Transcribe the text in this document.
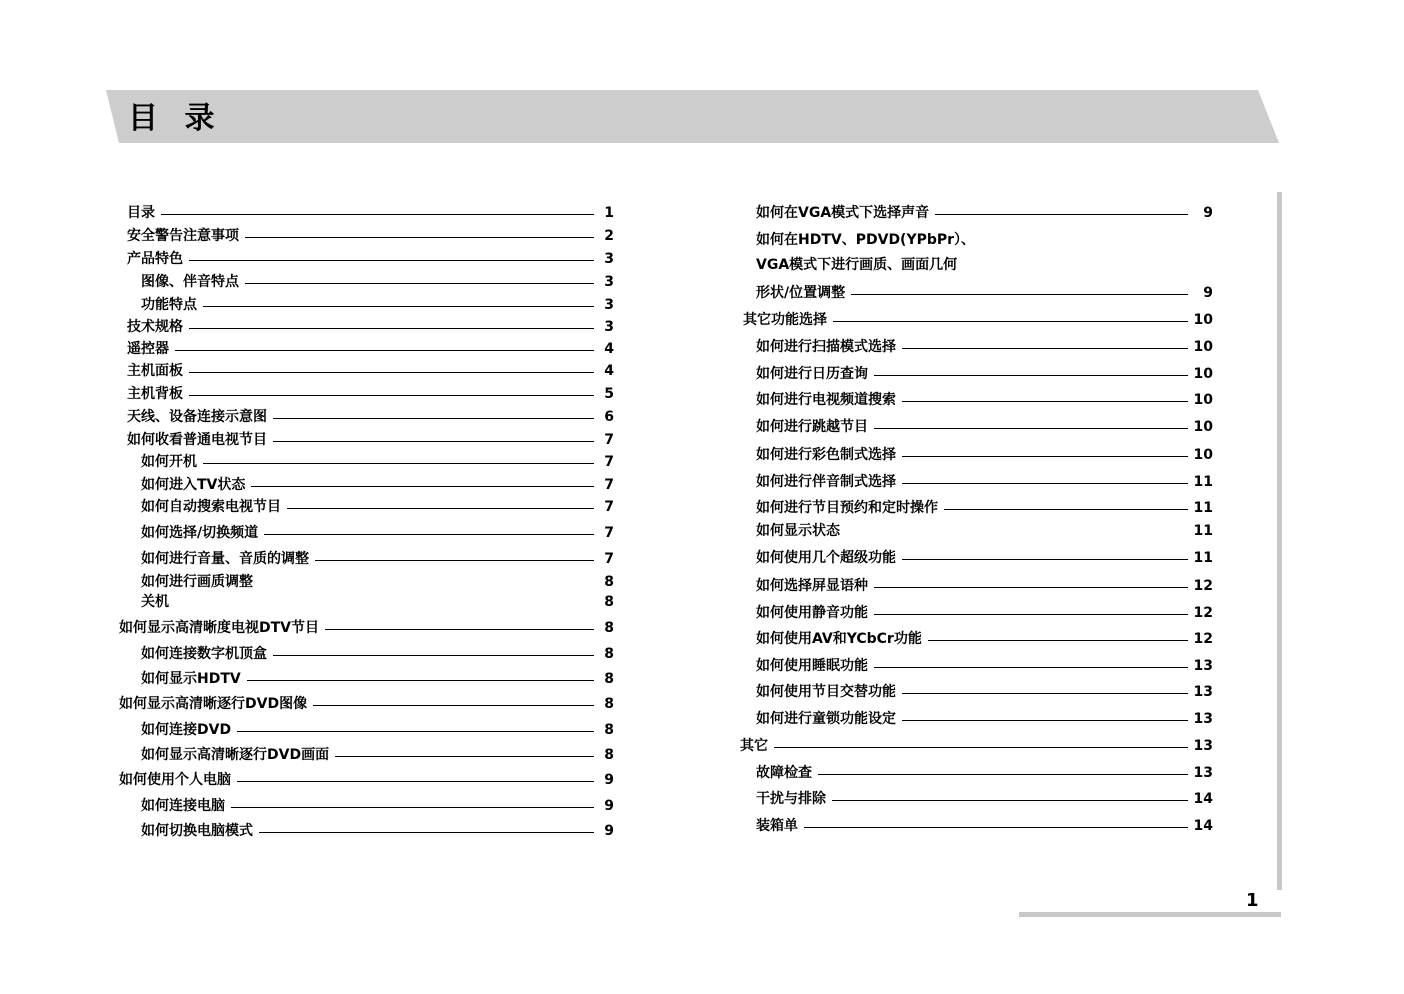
目 录
目录	1
安全警告注意事项	2
产品特色	3
图像、伴音特点	3
功能特点	3
技术规格	3
遥控器	4
主机面板	4
主机背板	5
天线、设备连接示意图	6
如何收看普通电视节目	7
如何开机	7
如何进入TV状态	7
如何自动搜索电视节目	7
如何选择/切换频道	7
如何进行音量、音质的调整	7
如何进行画质调整	8
关机	8
如何显示高清晰度电视DTV节目	8
如何连接数字机顶盒	8
如何显示HDTV	8
如何显示高清晰逐行DVD图像	8
如何连接DVD	8
如何显示高清晰逐行DVD画面	8
如何使用个人电脑	9
如何连接电脑	9
如何切换电脑模式	9
如何在VGA模式下选择声音	9
如何在HDTV、PDVD(YPbPr）、
VGA模式下进行画质、画面几何
形状/位置调整	9
其它功能选择	10
如何进行扫描模式选择	10
如何进行日历查询	10
如何进行电视频道搜索	10
如何进行跳越节目	10
如何进行彩色制式选择	10
如何进行伴音制式选择	11
如何进行节目预约和定时操作	11
如何显示状态	11
如何使用几个超级功能	11
如何选择屏显语种	12
如何使用静音功能	12
如何使用AV和YCbCr功能	12
如何使用睡眠功能	13
如何使用节目交替功能	13
如何进行童锁功能设定	13
其它	13
故障检查	13
干扰与排除	14
装箱单	14
1
